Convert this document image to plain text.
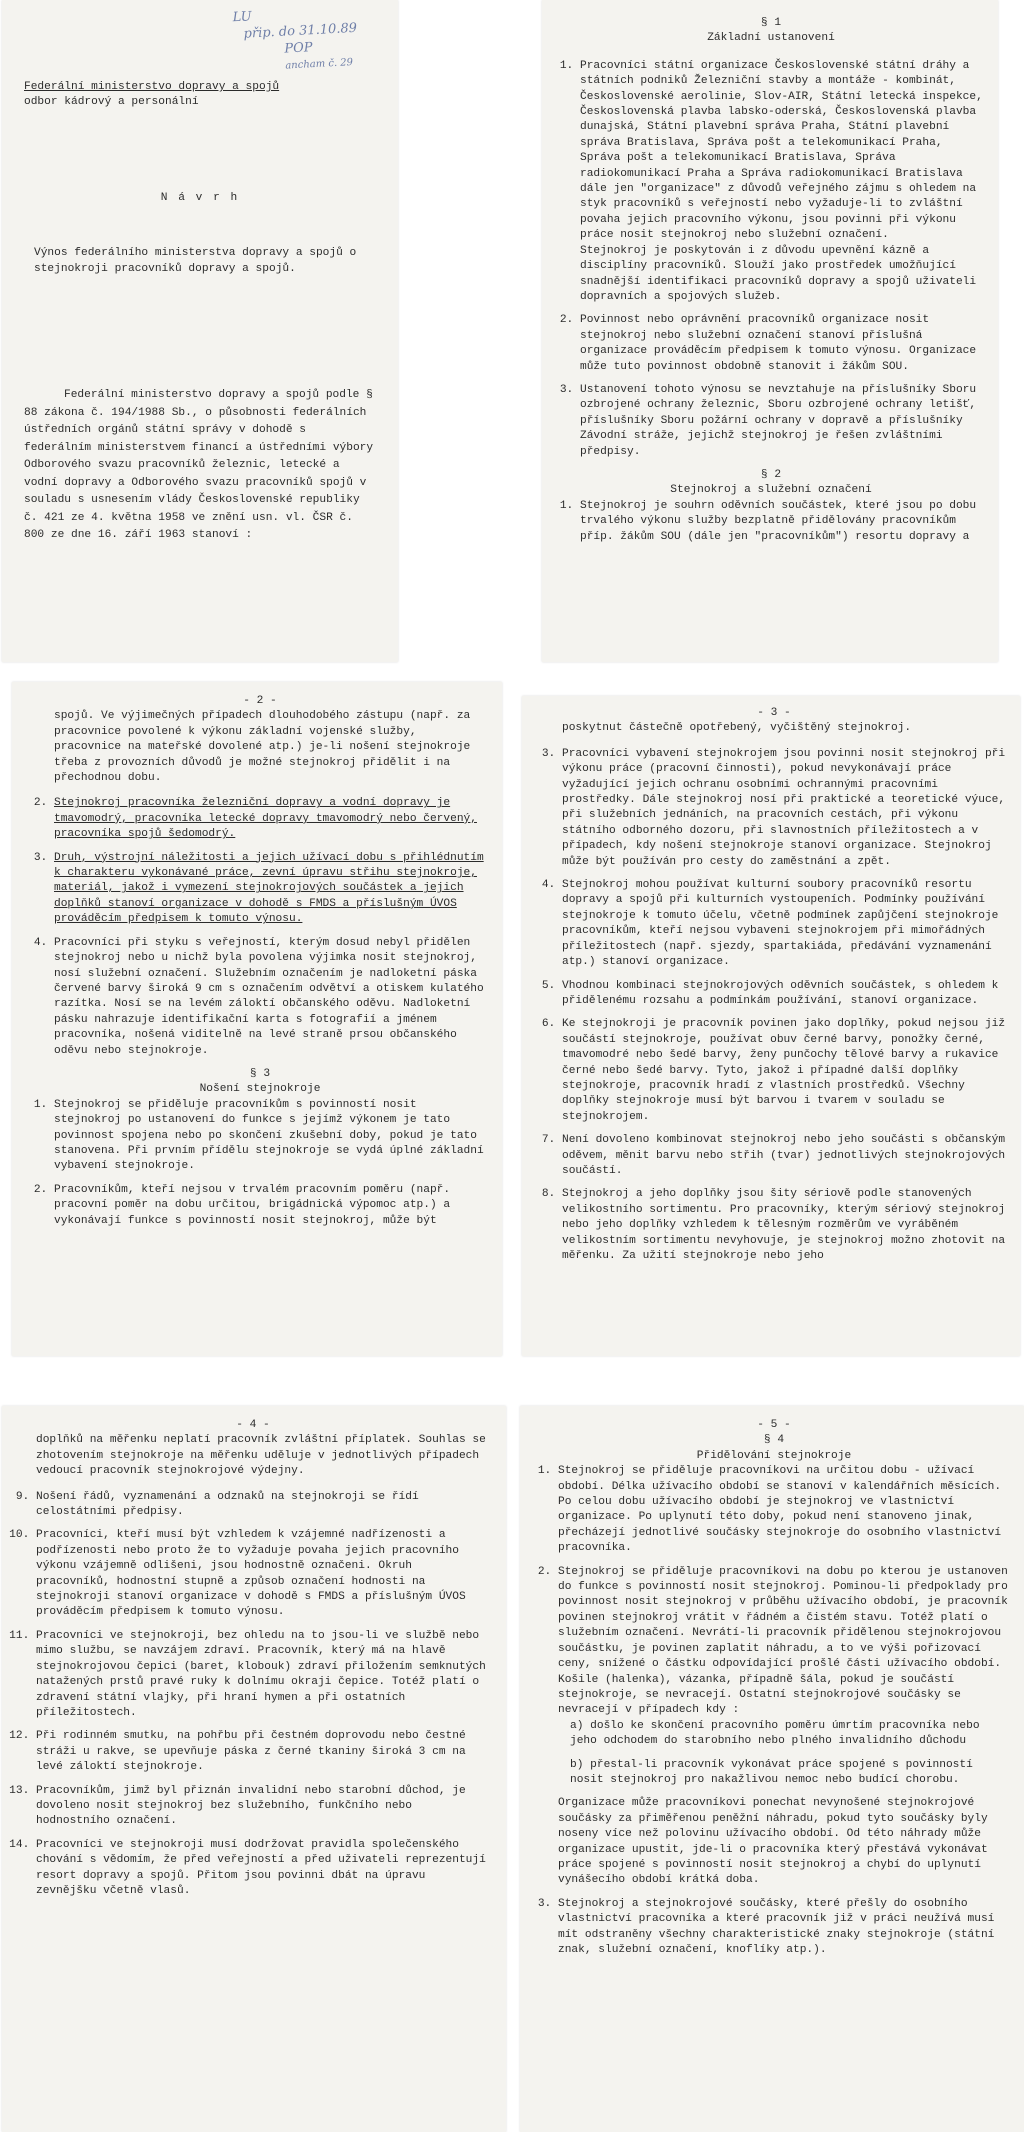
LU
přip. do 31.10.89
POP
ancham č. 29

Federální ministerstvo dopravy a spojů

odbor kádrový a personální

N á v r h

Výnos federálního ministerstva dopravy a spojů o stejnokroji pracovníků dopravy a spojů.

Federální ministerstvo dopravy a spojů podle § 88 zákona č. 194/1988 Sb., o působnosti federálních ústředních orgánů státní správy v dohodě s federálním ministerstvem financí a ústředními výbory Odborového svazu pracovníků železnic, letecké a vodní dopravy a Odborového svazu pracovníků spojů v souladu s usnesením vlády Československé republiky č. 421 ze 4. května 1958 ve znění usn. vl. ČSR č. 800 ze dne 16. září 1963 stanoví :

§ 1

Základní ustanovení

1. Pracovníci státní organizace Československé státní dráhy a státních podniků Železniční stavby a montáže - kombinát, Československé aerolinie, Slov-AIR, Státní letecká inspekce, Československá plavba labsko-oderská, Československá plavba dunajská, Státní plavební správa Praha, Státní plavební správa Bratislava, Správa pošt a telekomunikací Praha, Správa pošt a telekomunikací Bratislava, Správa radiokomunikací Praha a Správa radiokomunikací Bratislava dále jen "organizace" z důvodů veřejného zájmu s ohledem na styk pracovníků s veřejností nebo vyžaduje-li to zvláštní povaha jejich pracovního výkonu, jsou povinni při výkonu práce nosit stejnokroj nebo služební označení.

Stejnokroj je poskytován i z důvodu upevnění kázně a disciplíny pracovníků. Slouží jako prostředek umožňující snadnější identifikaci pracovníků dopravy a spojů uživateli dopravních a spojových služeb.

2. Povinnost nebo oprávnění pracovníků organizace nosit stejnokroj nebo služební označení stanoví příslušná organizace prováděcím předpisem k tomuto výnosu. Organizace může tuto povinnost obdobně stanovit i žákům SOU.
3. Ustanovení tohoto výnosu se nevztahuje na příslušníky Sboru ozbrojené ochrany železnic, Sboru ozbrojené ochrany letišť, příslušníky Sboru požární ochrany v dopravě a příslušníky Závodní stráže, jejichž stejnokroj je řešen zvláštními předpisy.

§ 2

Stejnokroj a služební označení

1. Stejnokroj je souhrn oděvních součástek, které jsou po dobu trvalého výkonu služby bezplatně přidělovány pracovníkům příp. žákům SOU (dále jen "pracovníkům") resortu dopravy a

- 2 -

spojů. Ve výjimečných případech dlouhodobého zástupu (např. za pracovnice povolené k výkonu základní vojenské služby, pracovnice na mateřské dovolené atp.) je-li nošení stejnokroje třeba z provozních důvodů je možné stejnokroj přidělit i na přechodnou dobu.

2. Stejnokroj pracovníka železniční dopravy a vodní dopravy je tmavomodrý, pracovníka letecké dopravy tmavomodrý nebo červený, pracovníka spojů šedomodrý.
3. Druh, výstrojní náležitosti a jejich užívací dobu s přihlédnutím k charakteru vykonávané práce, zevní úpravu střihu stejnokroje, materiál, jakož i vymezení stejnokrojových součástek a jejich doplňků stanoví organizace v dohodě s FMDS a příslušným ÚVOS prováděcím předpisem k tomuto výnosu.
4. Pracovníci při styku s veřejností, kterým dosud nebyl přidělen stejnokroj nebo u nichž byla povolena výjimka nosit stejnokroj, nosí služební označení. Služebním označením je nadloketní páska červené barvy široká 9 cm s označením odvětví a otiskem kulatého razítka. Nosí se na levém záloktí občanského oděvu. Nadloketní pásku nahrazuje identifikační karta s fotografií a jménem pracovníka, nošená viditelně na levé straně prsou občanského oděvu nebo stejnokroje.

§ 3

Nošení stejnokroje

1. Stejnokroj se přiděluje pracovníkům s povinností nosit stejnokroj po ustanovení do funkce s jejímž výkonem je tato povinnost spojena nebo po skončení zkušební doby, pokud je tato stanovena. Při prvním přídělu stejnokroje se vydá úplné základní vybavení stejnokroje.
2. Pracovníkům, kteří nejsou v trvalém pracovním poměru (např. pracovní poměr na dobu určitou, brigádnická výpomoc atp.) a vykonávají funkce s povinností nosit stejnokroj, může být

- 3 -

poskytnut částečně opotřebený, vyčištěný stejnokroj.

3. Pracovníci vybavení stejnokrojem jsou povinni nosit stejnokroj při výkonu práce (pracovní činnosti), pokud nevykonávají práce vyžadující jejich ochranu osobními ochrannými pracovními prostředky. Dále stejnokroj nosí při praktické a teoretické výuce, při služebních jednáních, na pracovních cestách, při výkonu státního odborného dozoru, při slavnostních příležitostech a v případech, kdy nošení stejnokroje stanoví organizace. Stejnokroj může být používán pro cesty do zaměstnání a zpět.
4. Stejnokroj mohou používat kulturní soubory pracovníků resortu dopravy a spojů při kulturních vystoupeních. Podmínky používání stejnokroje k tomuto účelu, včetně podmínek zapůjčení stejnokroje pracovníkům, kteří nejsou vybaveni stejnokrojem při mimořádných příležitostech (např. sjezdy, spartakiáda, předávání vyznamenání atp.) stanoví organizace.
5. Vhodnou kombinaci stejnokrojových oděvních součástek, s ohledem k přidělenému rozsahu a podmínkám používání, stanoví organizace.
6. Ke stejnokroji je pracovník povinen jako doplňky, pokud nejsou již součástí stejnokroje, používat obuv černé barvy, ponožky černé, tmavomodré nebo šedé barvy, ženy punčochy tělové barvy a rukavice černé nebo šedé barvy. Tyto, jakož i případné další doplňky stejnokroje, pracovník hradí z vlastních prostředků. Všechny doplňky stejnokroje musí být barvou i tvarem v souladu se stejnokrojem.
7. Není dovoleno kombinovat stejnokroj nebo jeho součásti s občanským oděvem, měnit barvu nebo střih (tvar) jednotlivých stejnokrojových součástí.
8. Stejnokroj a jeho doplňky jsou šity sériově podle stanovených velikostního sortimentu. Pro pracovníky, kterým sériový stejnokroj nebo jeho doplňky vzhledem k tělesným rozměrům ve vyráběném velikostním sortimentu nevyhovuje, je stejnokroj možno zhotovit na měřenku. Za užití stejnokroje nebo jeho

- 4 -

doplňků na měřenku neplatí pracovník zvláštní příplatek. Souhlas se zhotovením stejnokroje na měřenku uděluje v jednotlivých případech vedoucí pracovník stejnokrojové výdejny.

9. Nošení řádů, vyznamenání a odznaků na stejnokroji se řídí celostátními předpisy.
10. Pracovníci, kteří musí být vzhledem k vzájemné nadřízenosti a podřízenosti nebo proto že to vyžaduje povaha jejich pracovního výkonu vzájemně odlišeni, jsou hodnostně označeni. Okruh pracovníků, hodnostní stupně a způsob označení hodnosti na stejnokroji stanoví organizace v dohodě s FMDS a příslušným ÚVOS prováděcím předpisem k tomuto výnosu.
11. Pracovníci ve stejnokroji, bez ohledu na to jsou-li ve službě nebo mimo službu, se navzájem zdraví. Pracovník, který má na hlavě stejnokrojovou čepici (baret, klobouk) zdraví přiložením semknutých natažených prstů pravé ruky k dolnímu okraji čepice. Totéž platí o zdravení státní vlajky, při hraní hymen a při ostatních příležitostech.
12. Při rodinném smutku, na pohřbu při čestném doprovodu nebo čestné stráži u rakve, se upevňuje páska z černé tkaniny široká 3 cm na levé záloktí stejnokroje.
13. Pracovníkům, jimž byl přiznán invalidní nebo starobní důchod, je dovoleno nosit stejnokroj bez služebního, funkčního nebo hodnostního označení.
14. Pracovníci ve stejnokroji musí dodržovat pravidla společenského chování s vědomím, že před veřejností a před uživateli reprezentují resort dopravy a spojů. Přitom jsou povinni dbát na úpravu zevnějšku včetně vlasů.

- 5 -

§ 4

Přidělování stejnokroje

1. Stejnokroj se přiděluje pracovníkovi na určitou dobu - užívací období. Délka užívacího období se stanoví v kalendářních měsících. Po celou dobu užívacího období je stejnokroj ve vlastnictví organizace. Po uplynutí této doby, pokud není stanoveno jinak, přecházejí jednotlivé součásky stejnokroje do osobního vlastnictví pracovníka.
2. Stejnokroj se přiděluje pracovníkovi na dobu po kterou je ustanoven do funkce s povinností nosit stejnokroj. Pominou-li předpoklady pro povinnost nosit stejnokroj v průběhu užívacího období, je pracovník povinen stejnokroj vrátit v řádném a čistém stavu. Totéž platí o služebním označení. Nevrátí-li pracovník přidělenou stejnokrojovou součástku, je povinen zaplatit náhradu, a to ve výši pořizovací ceny, snížené o částku odpovídající prošlé části užívacího období. Košile (halenka), vázanka, případně šála, pokud je součástí stejnokroje, se nevracejí. Ostatní stejnokrojové součásky se nevracejí v případech kdy :
a) došlo ke skončení pracovního poměru úmrtím pracovníka nebo jeho odchodem do starobního nebo plného invalidního důchodu
b) přestal-li pracovník vykonávat práce spojené s povinností nosit stejnokroj pro nakažlivou nemoc nebo budící chorobu.

Organizace může pracovníkovi ponechat nevynošené stejnokrojové součásky za přiměřenou peněžní náhradu, pokud tyto součásky byly noseny více než polovinu užívacího období. Od této náhrady může organizace upustit, jde-li o pracovníka který přestává vykonávat práce spojené s povinností nosit stejnokroj a chybí do uplynutí vynášecího období krátká doba.

3. Stejnokroj a stejnokrojové součásky, které přešly do osobního vlastnictví pracovníka a které pracovník již v práci neužívá musí mít odstraněny všechny charakteristické znaky stejnokroje (státní znak, služební označení, knoflíky atp.).
